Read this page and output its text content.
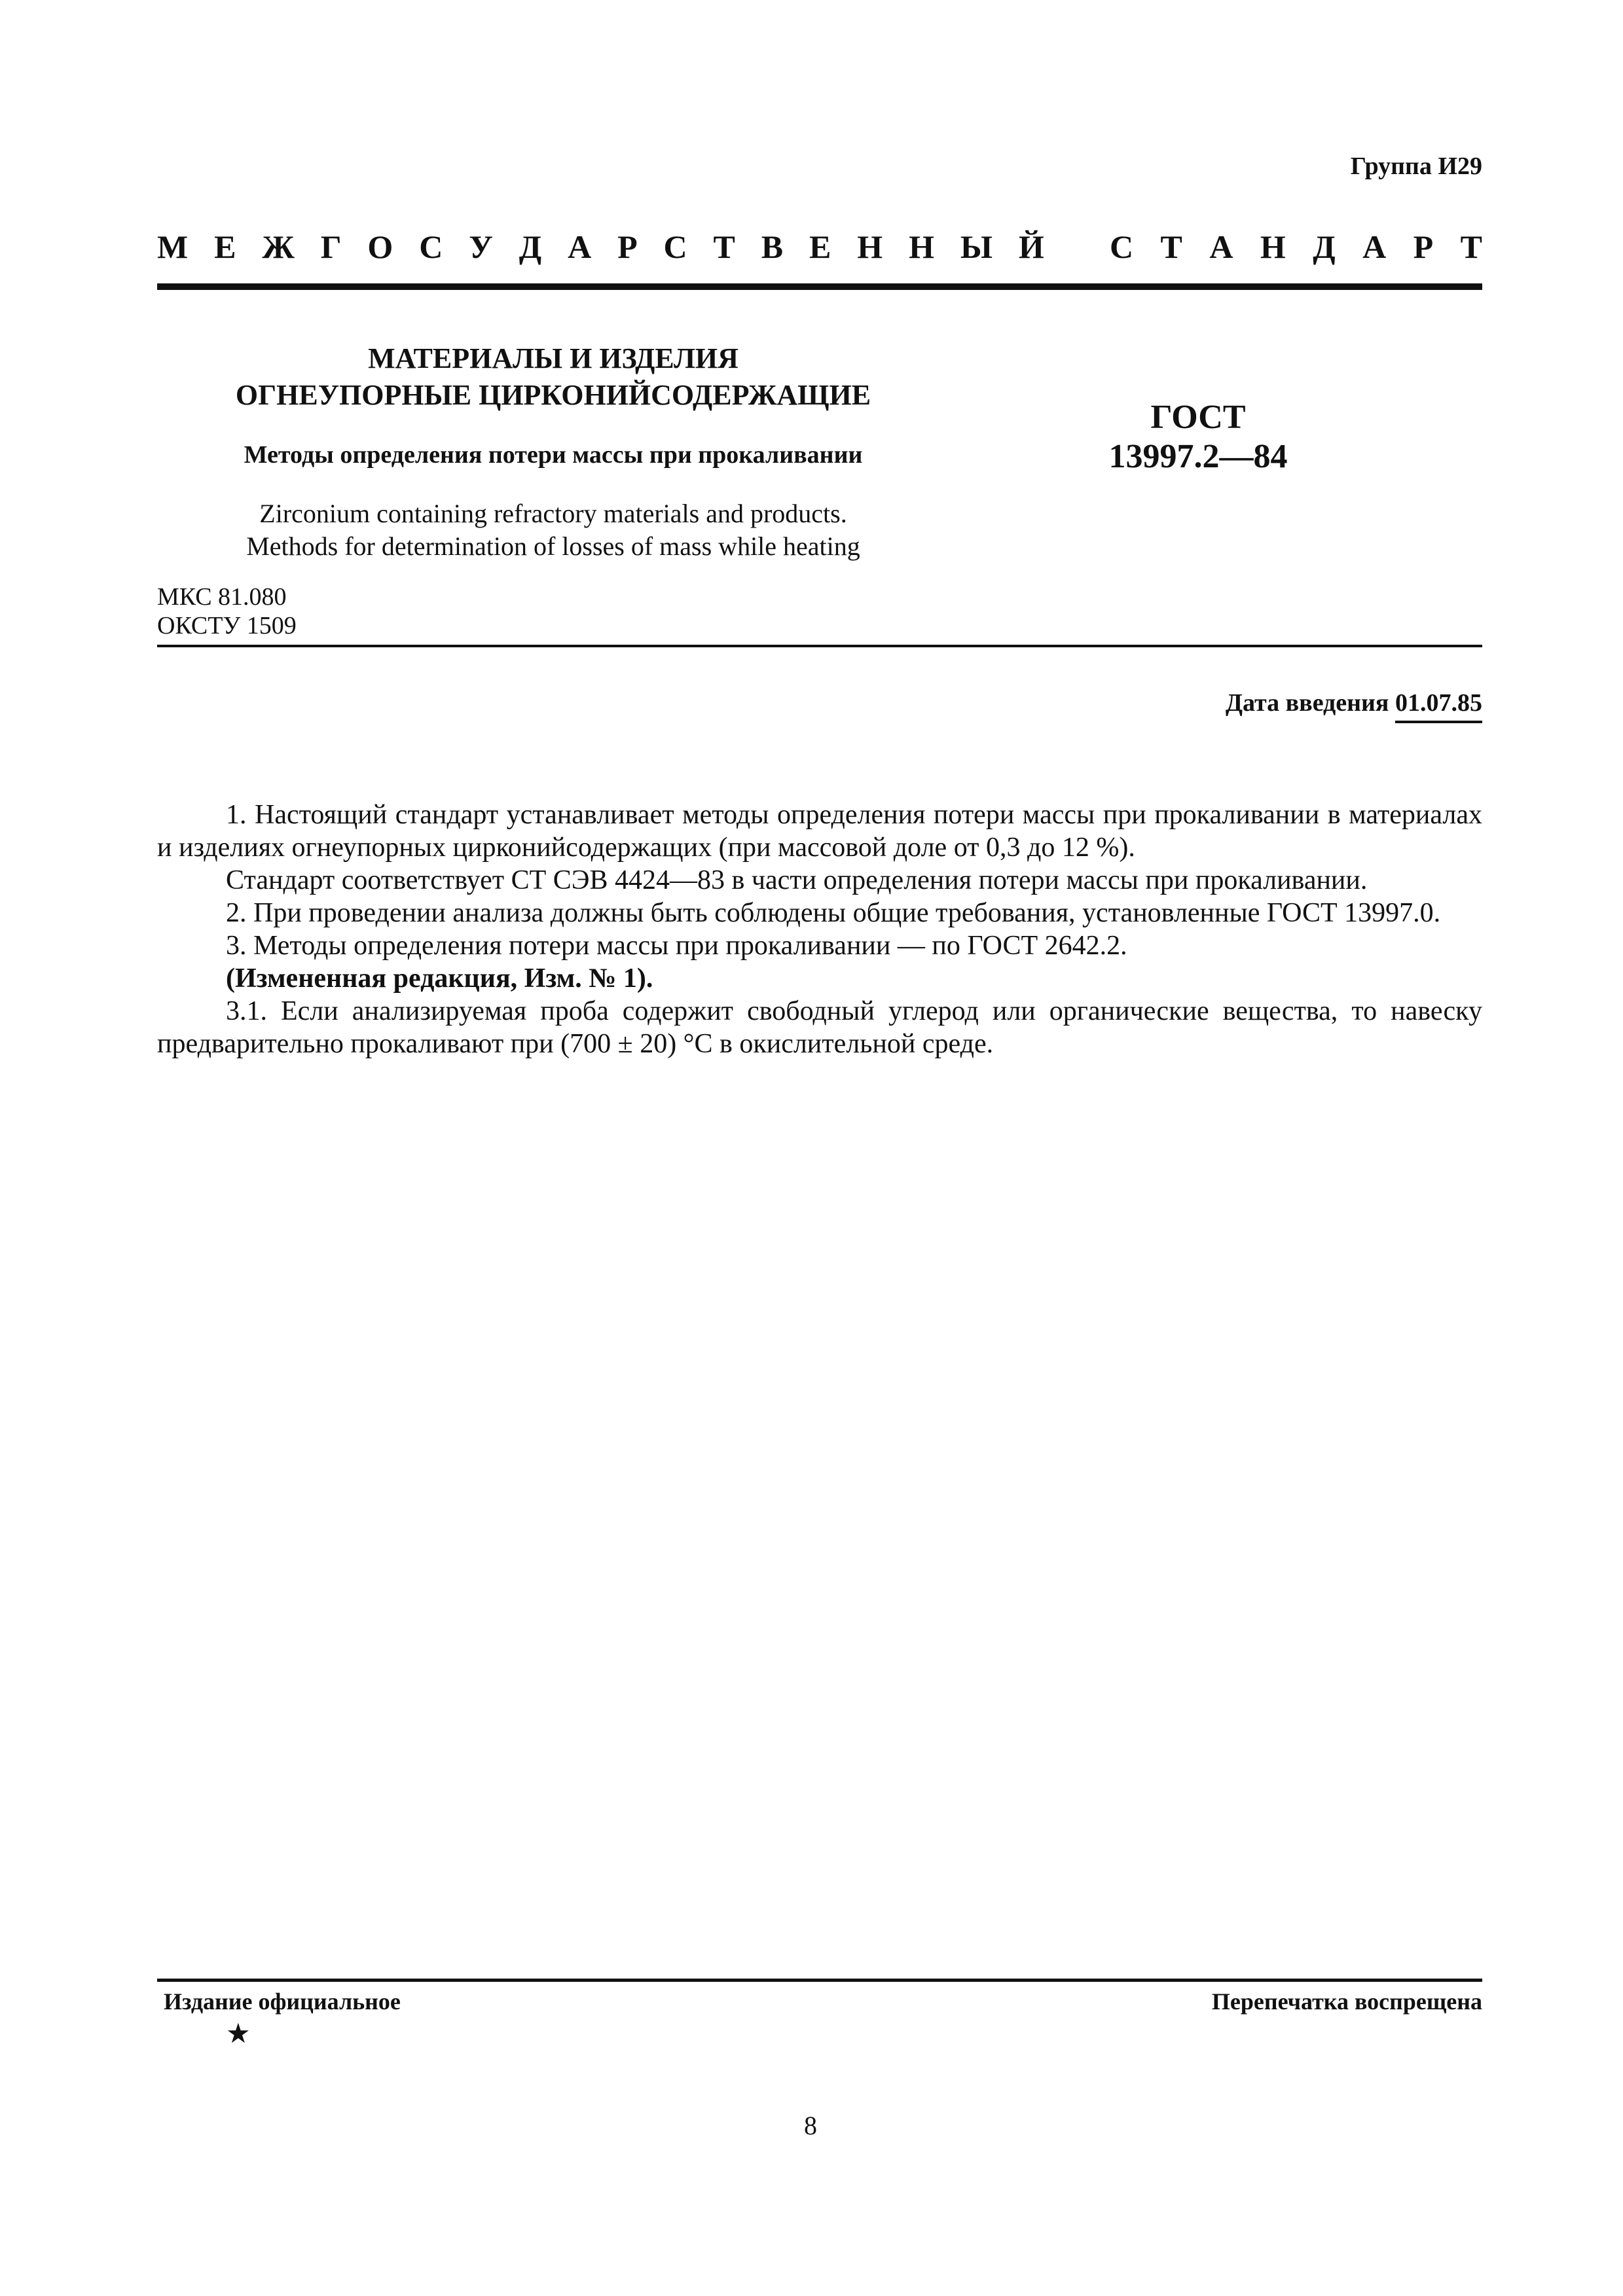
Группа И29
М Е Ж Г О С У Д А Р С Т В Е Н Н Ы Й С Т А Н Д А Р Т
МАТЕРИАЛЫ И ИЗДЕЛИЯ
ОГНЕУПОРНЫЕ ЦИРКОНИЙСОДЕРЖАЩИЕ
Методы определения потери массы при прокаливании
Zirconium containing refractory materials and products.
Methods for determination of losses of mass while heating
ГОСТ
13997.2—84
МКС 81.080
ОКСТУ 1509
Дата введения 01.07.85

1. Настоящий стандарт устанавливает методы определения потери массы при прокаливании в материалах и изделиях огнеупорных цирконийсодержащих (при массовой доле от 0,3 до 12 %).

Стандарт соответствует СТ СЭВ 4424—83 в части определения потери массы при прокаливании.

2. При проведении анализа должны быть соблюдены общие требования, установленные ГОСТ 13997.0.

3. Методы определения потери массы при прокаливании — по ГОСТ 2642.2.

(Измененная редакция, Изм. № 1).

3.1. Если анализируемая проба содержит свободный углерод или органические вещества, то навеску предварительно прокаливают при (700 ± 20) °С в окислительной среде.

Издание официальное
★
Перепечатка воспрещена
8
